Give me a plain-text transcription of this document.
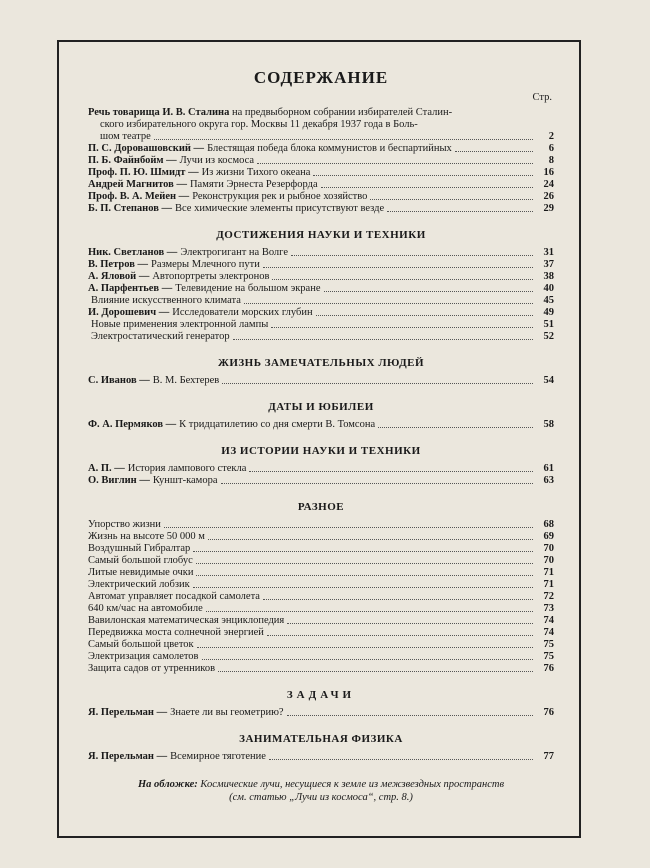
СОДЕРЖАНИЕ
Стр.
Речь товарища И. В. Сталина на предвыборном собрании избирателей Сталин-
ского избирательного округа гор. Москвы 11 декабря 1937 года в Боль-
шом театре	2
П. С. Доровашовский — Блестящая победа блока коммунистов и беспартийных	6
П. Б. Файнбойм — Лучи из космоса	8
Проф. П. Ю. Шмидт — Из жизни Тихого океана	16
Андрей Магнитов — Памяти Эрнеста Резерфорда	24
Проф. В. А. Мейен — Реконструкция рек и рыбное хозяйство	26
Б. П. Степанов — Все химические элементы присутствуют везде	29
ДОСТИЖЕНИЯ НАУКИ И ТЕХНИКИ
Ник. Светланов — Электрогигант на Волге	31
В. Петров — Размеры Млечного пути	37
А. Яловой — Автопортреты электронов	38
А. Парфентьев — Телевидение на большом экране	40
Влияние искусственного климата	45
И. Дорошевич — Исследователи морских глубин	49
Новые применения электронной лампы	51
Электростатический генератор	52
ЖИЗНЬ ЗАМЕЧАТЕЛЬНЫХ ЛЮДЕЙ
С. Иванов — В. М. Бехтерев	54
ДАТЫ И ЮБИЛЕИ
Ф. А. Пермяков — К тридцатилетию со дня смерти В. Томсона	58
ИЗ ИСТОРИИ НАУКИ И ТЕХНИКИ
А. П. — История лампового стекла	61
О. Виглин — Куншт-камора	63
РАЗНОЕ
Упорство жизни	68
Жизнь на высоте 50 000 м	69
Воздушный Гибралтар	70
Самый большой глобус	70
Литые невидимые очки	71
Электрический лобзик	71
Автомат управляет посадкой самолета	72
640 км/час на автомобиле	73
Вавилонская математическая энциклопедия	74
Передвижка моста солнечной энергией	74
Самый большой цветок	75
Электризация самолетов	75
Защита садов от утренников	76
ЗАДАЧИ
Я. Перельман — Знаете ли вы геометрию?	76
ЗАНИМАТЕЛЬНАЯ ФИЗИКА
Я. Перельман — Всемирное тяготение	77
На обложке: Космические лучи, несущиеся к земле из межзвездных пространств
(см. статью „Лучи из космоса“, стр. 8.)
